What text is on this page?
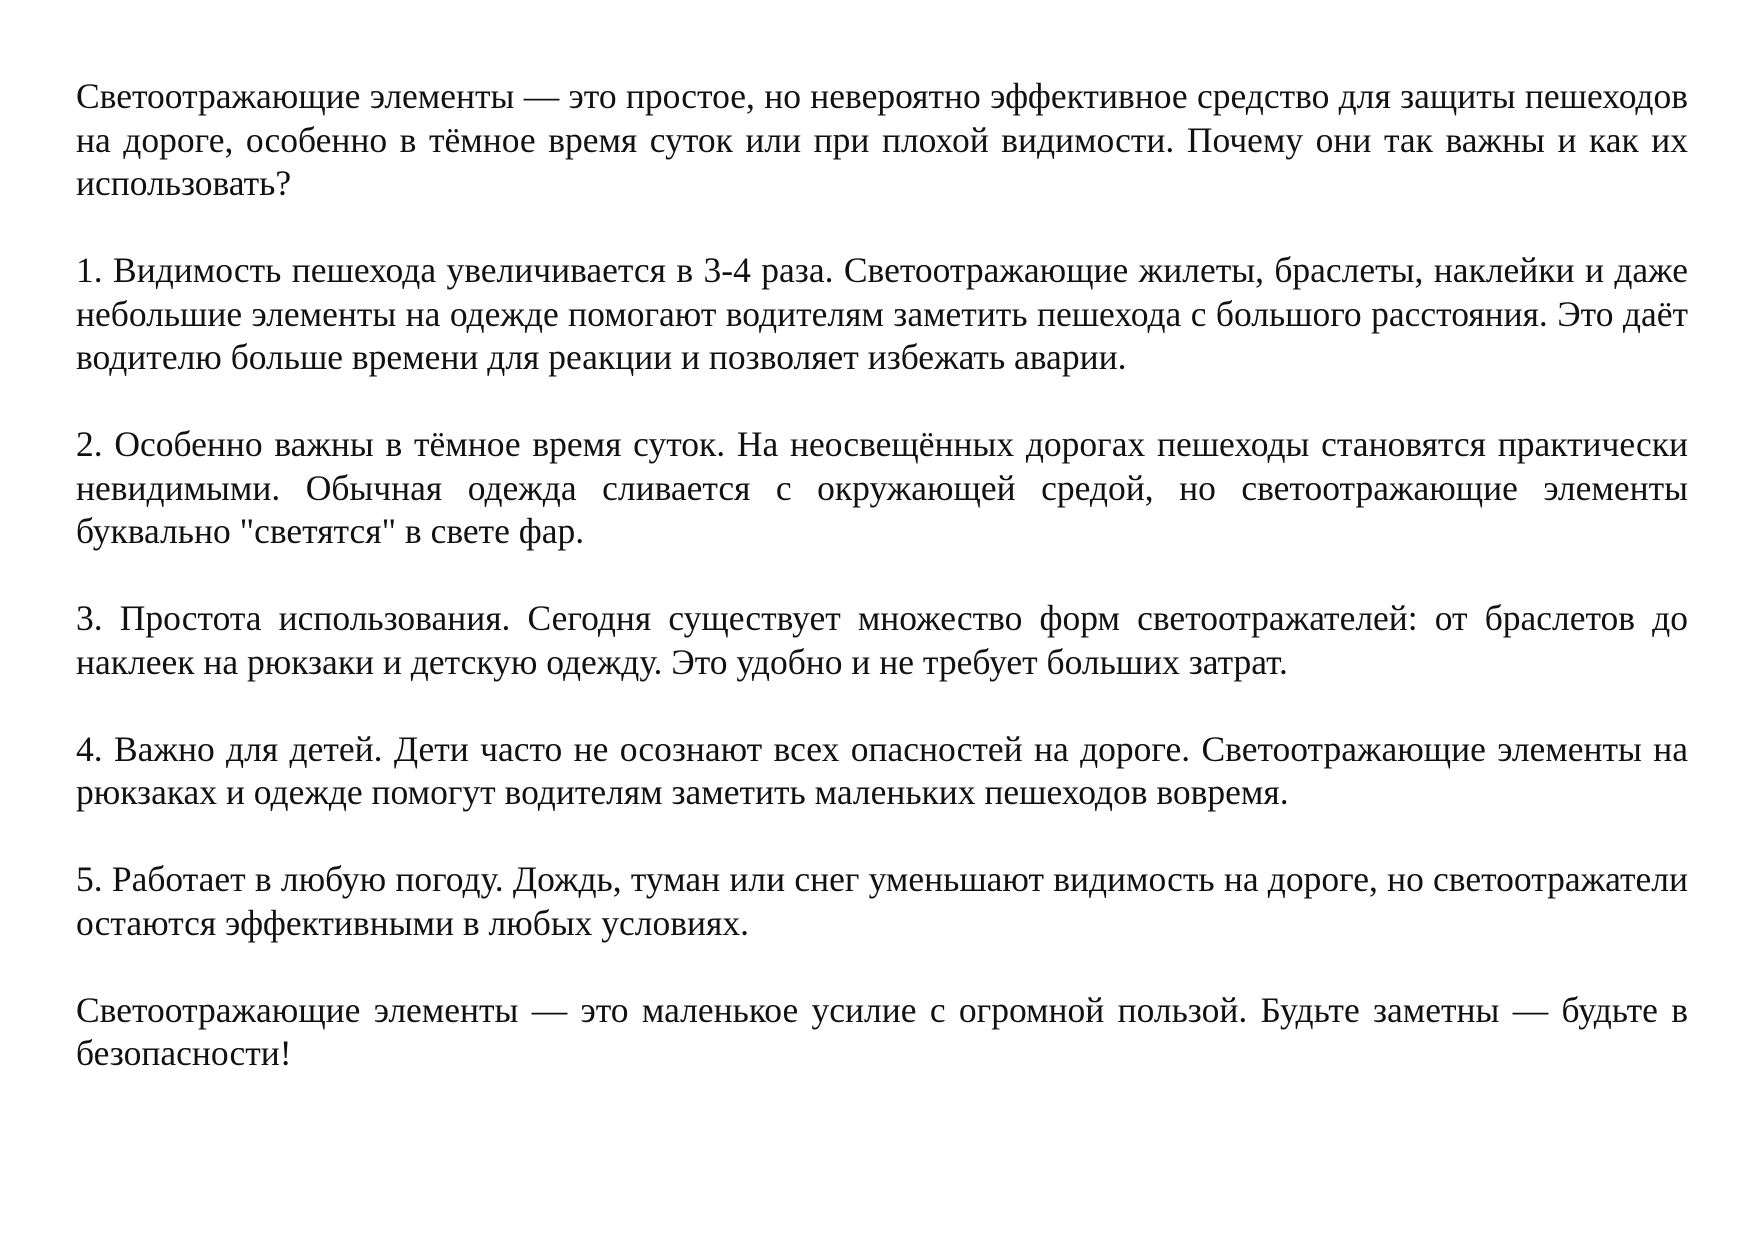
Светоотражающие элементы — это простое, но невероятно эффективное средство для защиты пешеходов на дороге, особенно в тёмное время суток или при плохой видимости. Почему они так важны и как их использовать?

1. Видимость пешехода увеличивается в 3-4 раза. Светоотражающие жилеты, браслеты, наклейки и даже небольшие элементы на одежде помогают водителям заметить пешехода с большого расстояния. Это даёт водителю больше времени для реакции и позволяет избежать аварии.

2. Особенно важны в тёмное время суток. На неосвещённых дорогах пешеходы становятся практически невидимыми. Обычная одежда сливается с окружающей средой, но светоотражающие элементы буквально "светятся" в свете фар.

3. Простота использования. Сегодня существует множество форм светоотражателей: от браслетов до наклеек на рюкзаки и детскую одежду. Это удобно и не требует больших затрат.

4. Важно для детей. Дети часто не осознают всех опасностей на дороге. Светоотражающие элементы на рюкзаках и одежде помогут водителям заметить маленьких пешеходов вовремя.

5. Работает в любую погоду. Дождь, туман или снег уменьшают видимость на дороге, но светоотражатели остаются эффективными в любых условиях.

Светоотражающие элементы — это маленькое усилие с огромной пользой. Будьте заметны — будьте в безопасности!
